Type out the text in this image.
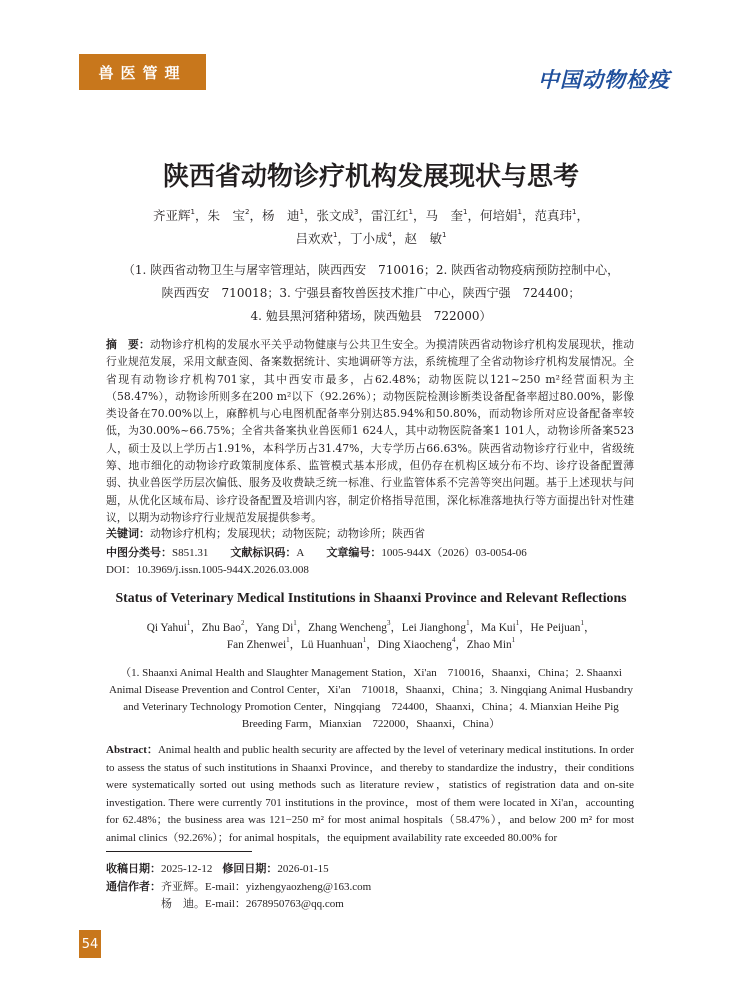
兽医管理	中国动物检疫
陕西省动物诊疗机构发展现状与思考
齐亚辉$^1$，朱　宝$^2$，杨　迪$^1$，张文成$^3$，雷江红$^1$，马　奎$^1$，何培娟$^1$，范真玮$^1$，
吕欢欢$^1$，丁小成$^4$，赵　敏$^1$
（1. 陕西省动物卫生与屠宰管理站，陕西西安　710016；2. 陕西省动物疫病预防控制中心，
陕西西安　710018；3. 宁强县畜牧兽医技术推广中心，陕西宁强　724400；
4. 勉县黑河猪种猪场，陕西勉县　722000）
摘　要：动物诊疗机构的发展水平关乎动物健康与公共卫生安全。为摸清陕西省动物诊疗机构发展现状，推动行业规范发展，采用文献查阅、备案数据统计、实地调研等方法，系统梳理了全省动物诊疗机构发展情况。全省现有动物诊疗机构701家，其中西安市最多，占62.48%；动物医院以121~250 m²经营面积为主（58.47%），动物诊所则多在200 m²以下（92.26%）；动物医院检测诊断类设备配备率超过80.00%，影像类设备在70.00%以上，麻醉机与心电图机配备率分别达85.94%和50.80%，而动物诊所对应设备配备率较低，为30.00%~66.75%；全省共备案执业兽医师1 624人，其中动物医院备案1 101人，动物诊所备案523人，硕士及以上学历占1.91%，本科学历占31.47%，大专学历占66.63%。陕西省动物诊疗行业中，省级统筹、地市细化的动物诊疗政策制度体系、监管模式基本形成，但仍存在机构区域分布不均、诊疗设备配置薄弱、执业兽医学历层次偏低、服务及收费缺乏统一标准、行业监管体系不完善等突出问题。基于上述现状与问题，从优化区域布局、诊疗设备配置及培训内容，制定价格指导范围，深化标准落地执行等方面提出针对性建议，以期为动物诊疗行业规范发展提供参考。
关键词：动物诊疗机构；发展现状；动物医院；动物诊所；陕西省
中图分类号：S851.31 文献标识码：A 文章编号：1005-944X（2026）03-0054-06
DOI：10.3969/j.issn.1005-944X.2026.03.008
Status of Veterinary Medical Institutions in Shaanxi Province and Relevant Reflections
Qi Yahui$^1$，Zhu Bao$^2$，Yang Di$^1$，Zhang Wencheng$^3$，Lei Jianghong$^1$，Ma Kui$^1$，He Peijuan$^1$，
Fan Zhenwei$^1$，Lü Huanhuan$^1$，Ding Xiaocheng$^4$，Zhao Min$^1$
（1. Shaanxi Animal Health and Slaughter Management Station，Xi'an　710016，Shaanxi，China；2. Shaanxi
Animal Disease Prevention and Control Center，Xi'an　710018，Shaanxi，China；3. Ningqiang Animal Husbandry
and Veterinary Technology Promotion Center，Ningqiang　724400，Shaanxi，China；4. Mianxian Heihe Pig
Breeding Farm，Mianxian　722000，Shaanxi，China）
Abstract：Animal health and public health security are affected by the level of veterinary medical institutions. In order to assess the status of such institutions in Shaanxi Province，and thereby to standardize the industry，their conditions were systematically sorted out using methods such as literature review，statistics of registration data and on-site investigation. There were currently 701 institutions in the province，most of them were located in Xi'an，accounting for 62.48%；the business area was 121−250 m² for most animal hospitals（58.47%），and below 200 m² for most animal clinics（92.26%）；for animal hospitals，the equipment availability rate exceeded 80.00% for
收稿日期：2025-12-12 修回日期：2026-01-15
通信作者：齐亚辉。E-mail：yizhengyaozheng@163.com
杨　迪。E-mail：2678950763@qq.com
54
